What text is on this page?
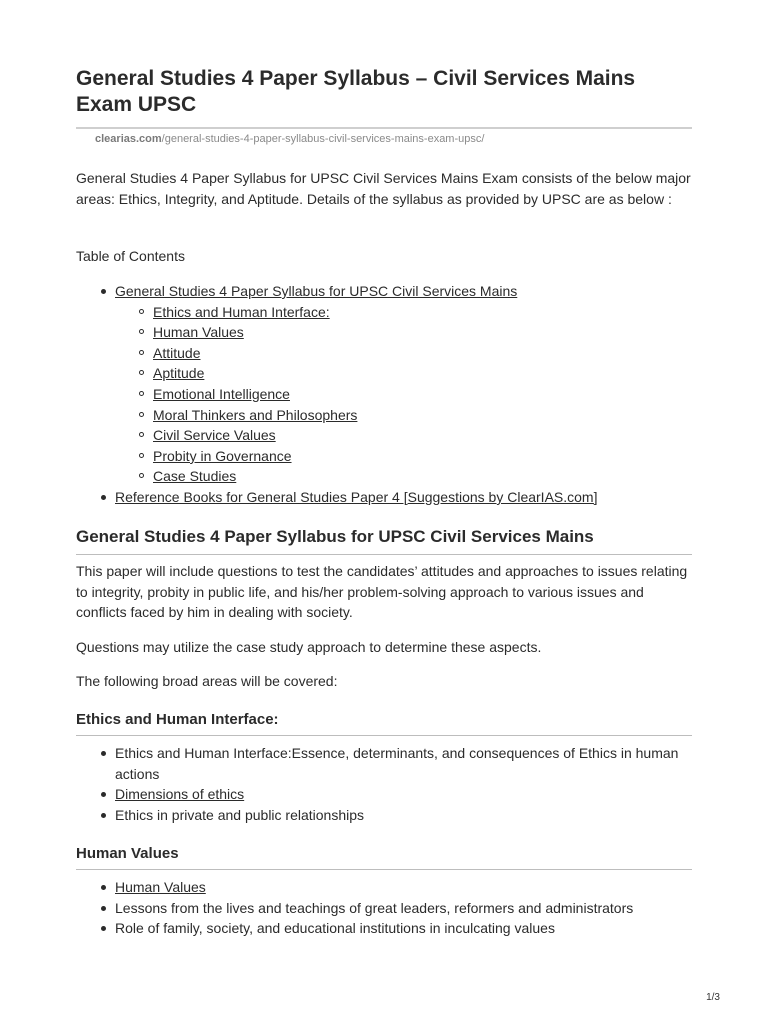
General Studies 4 Paper Syllabus – Civil Services Mains Exam UPSC
clearias.com/general-studies-4-paper-syllabus-civil-services-mains-exam-upsc/

General Studies 4 Paper Syllabus for UPSC Civil Services Mains Exam consists of the below major areas: Ethics, Integrity, and Aptitude. Details of the syllabus as provided by UPSC are as below :

Table of Contents

General Studies 4 Paper Syllabus for UPSC Civil Services Mains
Ethics and Human Interface:
Human Values
Attitude
Aptitude
Emotional Intelligence
Moral Thinkers and Philosophers
Civil Service Values
Probity in Governance
Case Studies
Reference Books for General Studies Paper 4 [Suggestions by ClearIAS.com]
General Studies 4 Paper Syllabus for UPSC Civil Services Mains

This paper will include questions to test the candidates’ attitudes and approaches to issues relating to integrity, probity in public life, and his/her problem-solving approach to various issues and conflicts faced by him in dealing with society.

Questions may utilize the case study approach to determine these aspects.

The following broad areas will be covered:

Ethics and Human Interface:
Ethics and Human Interface:Essence, determinants, and consequences of Ethics in human actions
Dimensions of ethics
Ethics in private and public relationships
Human Values
Human Values
Lessons from the lives and teachings of great leaders, reformers and administrators
Role of family, society, and educational institutions in inculcating values
1/3
